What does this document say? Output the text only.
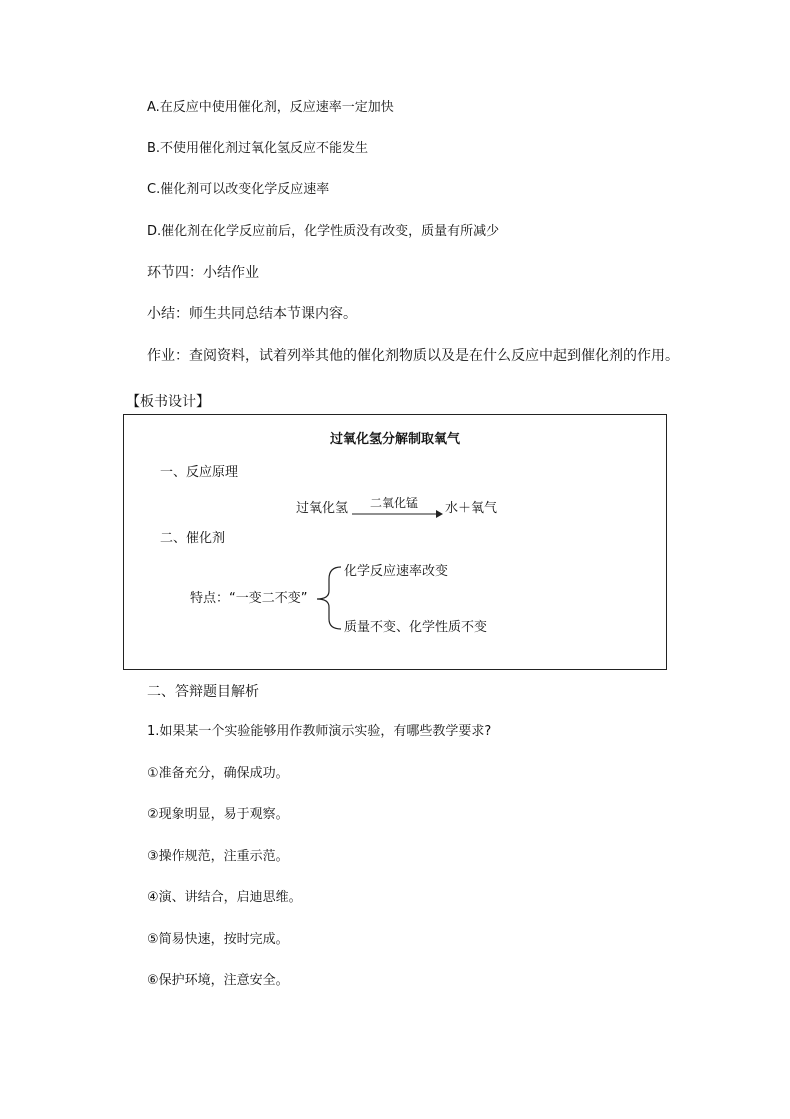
A.在反应中使用催化剂，反应速率一定加快
B.不使用催化剂过氧化氢反应不能发生
C.催化剂可以改变化学反应速率
D.催化剂在化学反应前后，化学性质没有改变，质量有所减少
环节四：小结作业
小结：师生共同总结本节课内容。
作业：查阅资料，试着列举其他的催化剂物质以及是在什么反应中起到催化剂的作用。
【板书设计】
过氧化氢分解制取氧气
一、反应原理
过氧化氢 二氧化锰 水＋氧气
二、催化剂
特点：“一变二不变”
化学反应速率改变
质量不变、化学性质不变
二、答辩题目解析
1.如果某一个实验能够用作教师演示实验，有哪些教学要求?
①准备充分，确保成功。
②现象明显，易于观察。
③操作规范，注重示范。
④演、讲结合，启迪思维。
⑤简易快速，按时完成。
⑥保护环境，注意安全。
